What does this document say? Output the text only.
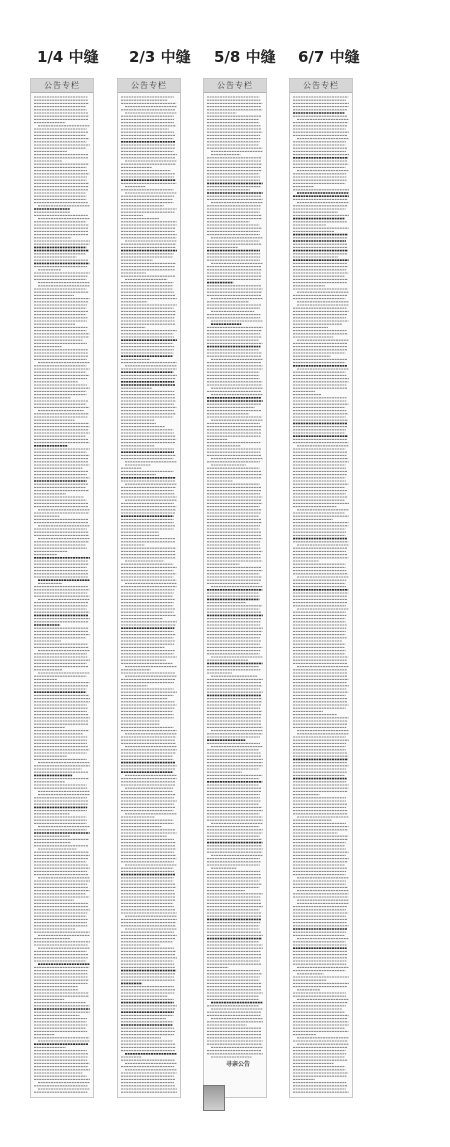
1/4 中缝 2/3 中缝 5/8 中缝 6/7 中缝
公告专栏	公告专栏	公告专栏	公告专栏
寻亲公告
